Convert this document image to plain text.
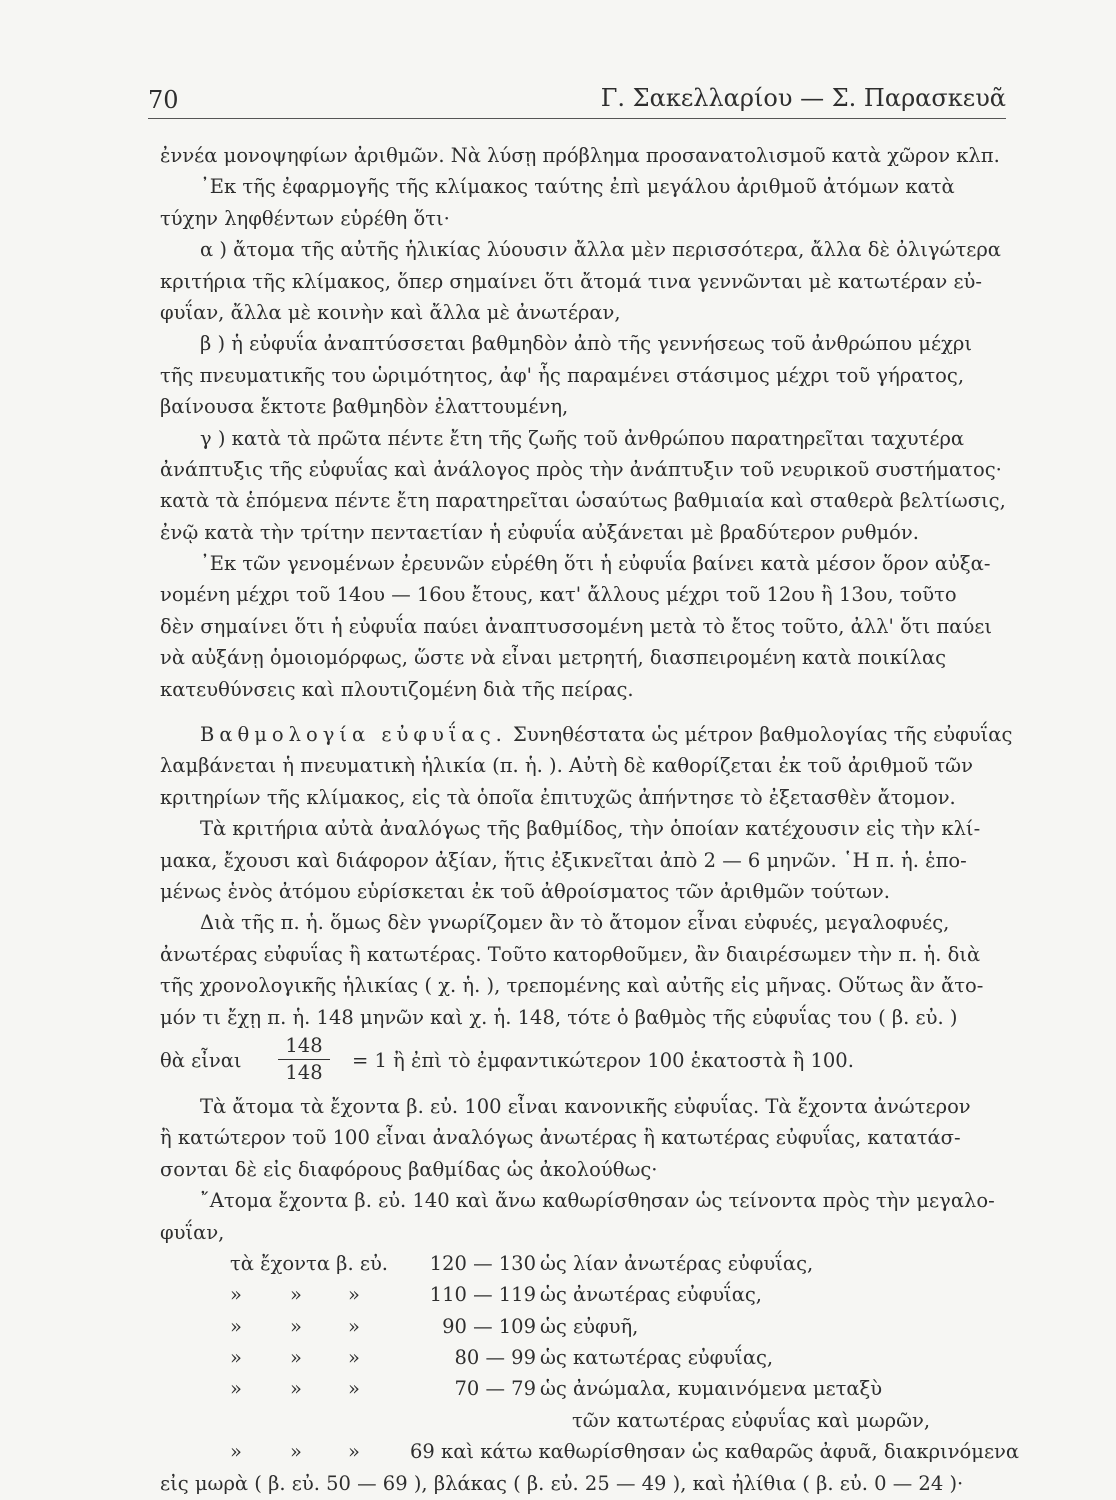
70	Γ. Σακελλαρίου — Σ. Παρασκευᾶ
ἐννέα μονοψηφίων ἀριθμῶν. Νὰ λύσῃ πρόβλημα προσανατολισμοῦ κατὰ χῶρον κλπ.
᾿Εκ τῆς ἐφαρμογῆς τῆς κλίμακος ταύτης ἐπὶ μεγάλου ἀριθμοῦ ἀτόμων κατὰ
τύχην ληφθέντων εὑρέθη ὅτι·
α ) ἄτομα τῆς αὐτῆς ἡλικίας λύουσιν ἄλλα μὲν περισσότερα, ἄλλα δὲ ὀλιγώτερα
κριτήρια τῆς κλίμακος, ὅπερ σημαίνει ὅτι ἄτομά τινα γεννῶνται μὲ κατωτέραν εὐ-
φυΐαν, ἄλλα μὲ κοινὴν καὶ ἄλλα μὲ ἀνωτέραν,
β ) ἡ εὐφυΐα ἀναπτύσσεται βαθμηδὸν ἀπὸ τῆς γεννήσεως τοῦ ἀνθρώπου μέχρι
τῆς πνευματικῆς του ὡριμότητος, ἀφ' ἧς παραμένει στάσιμος μέχρι τοῦ γήρατος,
βαίνουσα ἔκτοτε βαθμηδὸν ἐλαττουμένη,
γ ) κατὰ τὰ πρῶτα πέντε ἔτη τῆς ζωῆς τοῦ ἀνθρώπου παρατηρεῖται ταχυτέρα
ἀνάπτυξις τῆς εὐφυΐας καὶ ἀνάλογος πρὸς τὴν ἀνάπτυξιν τοῦ νευρικοῦ συστήματος·
κατὰ τὰ ἑπόμενα πέντε ἔτη παρατηρεῖται ὡσαύτως βαθμιαία καὶ σταθερὰ βελτίωσις,
ἐνῷ κατὰ τὴν τρίτην πενταετίαν ἡ εὐφυΐα αὐξάνεται μὲ βραδύτερον ρυθμόν.
᾿Εκ τῶν γενομένων ἐρευνῶν εὑρέθη ὅτι ἡ εὐφυΐα βαίνει κατὰ μέσον ὅρον αὐξα-
νομένη μέχρι τοῦ 14ου — 16ου ἔτους, κατ' ἄλλους μέχρι τοῦ 12ου ἢ 13ου, τοῦτο
δὲν σημαίνει ὅτι ἡ εὐφυΐα παύει ἀναπτυσσομένη μετὰ τὸ ἔτος τοῦτο, ἀλλ' ὅτι παύει
νὰ αὐξάνῃ ὁμοιομόρφως, ὥστε νὰ εἶναι μετρητή, διασπειρομένη κατὰ ποικίλας
κατευθύνσεις καὶ πλουτιζομένη διὰ τῆς πείρας.
Βαθμολογία εὐφυΐας. Συνηθέστατα ὡς μέτρον βαθμολογίας τῆς εὐφυΐας
λαμβάνεται ἡ πνευματικὴ ἡλικία (π. ἡ. ). Αὐτὴ δὲ καθορίζεται ἐκ τοῦ ἀριθμοῦ τῶν
κριτηρίων τῆς κλίμακος, εἰς τὰ ὁποῖα ἐπιτυχῶς ἀπήντησε τὸ ἐξετασθὲν ἄτομον.
Τὰ κριτήρια αὐτὰ ἀναλόγως τῆς βαθμίδος, τὴν ὁποίαν κατέχουσιν εἰς τὴν κλί-
μακα, ἔχουσι καὶ διάφορον ἀξίαν, ἥτις ἐξικνεῖται ἀπὸ 2 — 6 μηνῶν. ῾Η π. ἡ. ἑπο-
μένως ἑνὸς ἀτόμου εὑρίσκεται ἐκ τοῦ ἀθροίσματος τῶν ἀριθμῶν τούτων.
Διὰ τῆς π. ἡ. ὅμως δὲν γνωρίζομεν ἂν τὸ ἄτομον εἶναι εὐφυές, μεγαλοφυές,
ἀνωτέρας εὐφυΐας ἢ κατωτέρας. Τοῦτο κατορθοῦμεν, ἂν διαιρέσωμεν τὴν π. ἡ. διὰ
τῆς χρονολογικῆς ἡλικίας ( χ. ἡ. ), τρεπομένης καὶ αὐτῆς εἰς μῆνας. Οὕτως ἂν ἄτο-
μόν τι ἔχῃ π. ἡ. 148 μηνῶν καὶ χ. ἡ. 148, τότε ὁ βαθμὸς τῆς εὐφυΐας του ( β. εὐ. )
θὰ εἶναι $\frac{148}{148} = 1$ ἢ ἐπὶ τὸ ἐμφαντικώτερον 100 ἑκατοστὰ ἢ 100.
Τὰ ἄτομα τὰ ἔχοντα β. εὐ. 100 εἶναι κανονικῆς εὐφυΐας. Τὰ ἔχοντα ἀνώτερον
ἢ κατώτερον τοῦ 100 εἶναι ἀναλόγως ἀνωτέρας ἢ κατωτέρας εὐφυΐας, κατατάσ-
σονται δὲ εἰς διαφόρους βαθμίδας ὡς ἀκολούθως·
῎Ατομα ἔχοντα β. εὐ. 140 καὶ ἄνω καθωρίσθησαν ὡς τείνοντα πρὸς τὴν μεγαλο-
φυΐαν,
τὰ ἔχοντα β. εὐ.	120 — 130 ὡς λίαν ἀνωτέρας εὐφυΐας,
» » »	110 — 119 ὡς ἀνωτέρας εὐφυΐας,
» » »	90 — 109 ὡς εὐφυῆ,
» » »	80 — 99 ὡς κατωτέρας εὐφυΐας,
» » »	70 — 79 ὡς ἀνώμαλα, κυμαινόμενα μεταξὺ
τῶν κατωτέρας εὐφυΐας καὶ μωρῶν,
» » »	69 καὶ κάτω καθωρίσθησαν ὡς καθαρῶς ἀφυᾶ, διακρινόμενα
εἰς μωρὰ ( β. εὐ. 50 — 69 ), βλάκας ( β. εὐ. 25 — 49 ), καὶ ἠλίθια ( β. εὐ. 0 — 24 )·
